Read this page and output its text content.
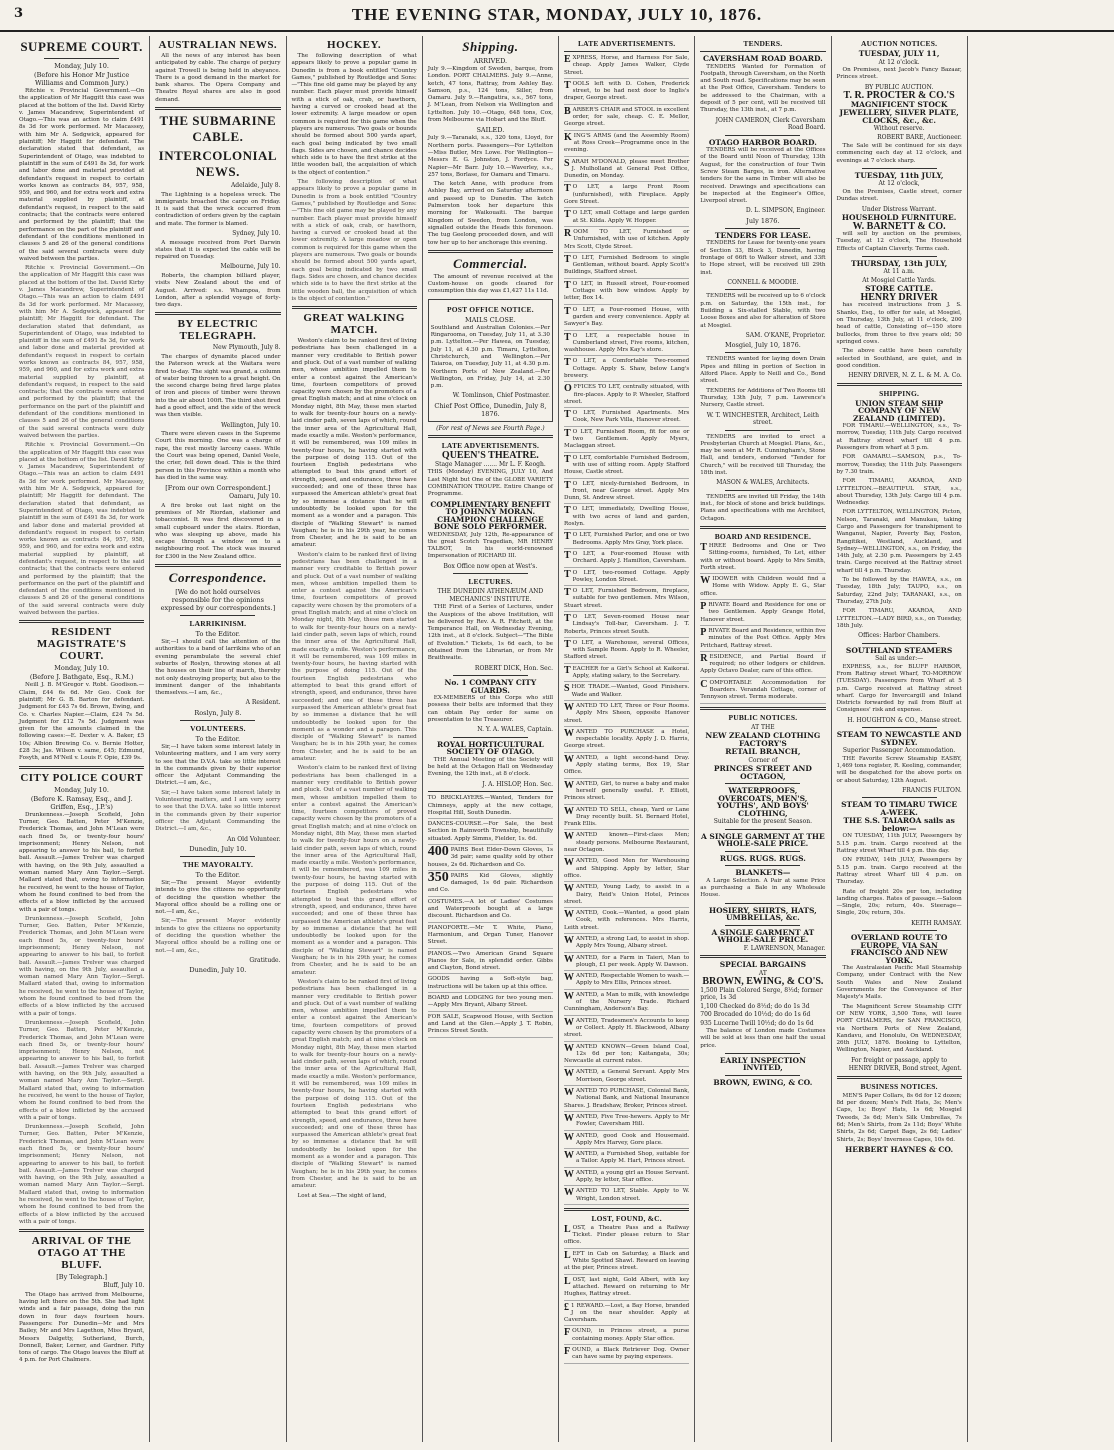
3	THE EVENING STAR, MONDAY, JULY 10, 1876.
SUPREME COURT.
Monday, July 10.
(Before his Honor Mr Justice Williams and Common Jury.)

Ritchie v. Provincial Government.—On the application of Mr Haggitt this case was placed at the bottom of the list. David Kirby v. James Macandrew, Superintendent of Otago.—This was an action to claim £491 8s 3d for work performed. Mr Macassey, with him Mr A. Sedgwick, appeared for plaintiff; Mr Haggitt for defendant. The declaration stated that defendant, as Superintendent of Otago, was indebted to plaintiff in the sum of £491 8s 3d, for work and labor done and material provided at defendant's request in respect to certain works known as contracts 84, 957, 958, 959, and 960, and for extra work and extra material supplied by plaintiff, at defendant's request, in respect to the said contracts; that the contracts were entered and performed by the plaintiff; that the performance on the part of the plaintiff and defendant of the conditions mentioned in clauses 5 and 26 of the general conditions of the said several contracts were duly waived between the parties.

Ritchie v. Provincial Government.—On the application of Mr Haggitt this case was placed at the bottom of the list. David Kirby v. James Macandrew, Superintendent of Otago.—This was an action to claim £491 8s 3d for work performed. Mr Macassey, with him Mr A. Sedgwick, appeared for plaintiff; Mr Haggitt for defendant. The declaration stated that defendant, as Superintendent of Otago, was indebted to plaintiff in the sum of £491 8s 3d, for work and labor done and material provided at defendant's request in respect to certain works known as contracts 84, 957, 958, 959, and 960, and for extra work and extra material supplied by plaintiff, at defendant's request, in respect to the said contracts; that the contracts were entered and performed by the plaintiff; that the performance on the part of the plaintiff and defendant of the conditions mentioned in clauses 5 and 26 of the general conditions of the said several contracts were duly waived between the parties.

Ritchie v. Provincial Government.—On the application of Mr Haggitt this case was placed at the bottom of the list. David Kirby v. James Macandrew, Superintendent of Otago.—This was an action to claim £491 8s 3d for work performed. Mr Macassey, with him Mr A. Sedgwick, appeared for plaintiff; Mr Haggitt for defendant. The declaration stated that defendant, as Superintendent of Otago, was indebted to plaintiff in the sum of £491 8s 3d, for work and labor done and material provided at defendant's request in respect to certain works known as contracts 84, 957, 958, 959, and 960, and for extra work and extra material supplied by plaintiff, at defendant's request, in respect to the said contracts; that the contracts were entered and performed by the plaintiff; that the performance on the part of the plaintiff and defendant of the conditions mentioned in clauses 5 and 26 of the general conditions of the said several contracts were duly waived between the parties.

RESIDENT MAGISTRATE'S COURT.
Monday, July 10.
(Before J. Bathgate, Esq., R.M.)

Neill J. B. M'Gregor v. Robt. Goodison.—Claim, £44 6s 6d. Mr Geo. Cook for plaintiff; Mr G. B. Barton for defendant. Judgment for £43 7s 6d. Brown, Ewing, and Co. v. Charles Napier.—Claim, £24 7s 5d. Judgment for £12 7s 5d. Judgment was given for the amounts claimed in the following cases:—E. Dexter v. A. Baker, £5 10s; Albion Brewing Co. v. Bernie Hotter, £28 3s; Jas. Wilson v. same, £45; Edmund, Fosyth, and M'Neil v. Louis F. Opie, £39 9s.

CITY POLICE COURT
Monday, July 10.
(Before K. Ramsay, Esq., and J. Griffen, Esq., J.P.'s)

Drunkenness.—Joseph Scofield, John Turner, Geo. Batten, Peter M'Kenzie, Frederick Thomas, and John M'Lean were each fined 5s, or twenty-four hours' imprisonment; Henry Nelson, not appearing to answer to his bail, to forfeit bail. Assault.—James Trelver was charged with having, on the 9th July, assaulted a woman named Mary Ann Taylor.—Sergt. Mallard stated that, owing to information he received, he went to the house of Taylor, whom he found confined to bed from the effects of a blow inflicted by the accused with a pair of tongs.

Drunkenness.—Joseph Scofield, John Turner, Geo. Batten, Peter M'Kenzie, Frederick Thomas, and John M'Lean were each fined 5s, or twenty-four hours' imprisonment; Henry Nelson, not appearing to answer to his bail, to forfeit bail. Assault.—James Trelver was charged with having, on the 9th July, assaulted a woman named Mary Ann Taylor.—Sergt. Mallard stated that, owing to information he received, he went to the house of Taylor, whom he found confined to bed from the effects of a blow inflicted by the accused with a pair of tongs.

Drunkenness.—Joseph Scofield, John Turner, Geo. Batten, Peter M'Kenzie, Frederick Thomas, and John M'Lean were each fined 5s, or twenty-four hours' imprisonment; Henry Nelson, not appearing to answer to his bail, to forfeit bail. Assault.—James Trelver was charged with having, on the 9th July, assaulted a woman named Mary Ann Taylor.—Sergt. Mallard stated that, owing to information he received, he went to the house of Taylor, whom he found confined to bed from the effects of a blow inflicted by the accused with a pair of tongs.

Drunkenness.—Joseph Scofield, John Turner, Geo. Batten, Peter M'Kenzie, Frederick Thomas, and John M'Lean were each fined 5s, or twenty-four hours' imprisonment; Henry Nelson, not appearing to answer to his bail, to forfeit bail. Assault.—James Trelver was charged with having, on the 9th July, assaulted a woman named Mary Ann Taylor.—Sergt. Mallard stated that, owing to information he received, he went to the house of Taylor, whom he found confined to bed from the effects of a blow inflicted by the accused with a pair of tongs.

ARRIVAL OF THE OTAGO AT THE BLUFF.
[By Telegraph.]
Bluff, July 10.

The Otago has arrived from Melbourne, having left there on the 5th. She had light winds and a fair passage, doing the run down in four days fourteen hours. Passengers: For Dunedin—Mr and Mrs Bailey, Mr and Mrs Lagethon, Miss Bryant, Messrs Dalgetty, Sutherland, Burch, Donnell, Baker, Lerner, and Gardner. Fifty tons of cargo. The Otago leaves the Bluff at 4 p.m. for Port Chalmers.

AUSTRALIAN NEWS.

All the news of any interest has been anticipated by cable. The charge of perjury against Trowell is being held in abeyance. There is a good demand in the market for bank shares. The Opera Company and Theatre Royal shares are also in good demand.

THE SUBMARINE CABLE.
INTERCOLONIAL NEWS.
Adelaide, July 8.

The Lightning is a hopeless wreck. The immigrants broached the cargo on Friday. It is said that the wreck occurred from contradiction of orders given by the captain and mate. The former is blamed.

Sydney, July 10.

A message received from Port Darwin states that it is expected the cable will be repaired on Tuesday.

Melbourne, July 10.

Roberts, the champion billiard player, visits New Zealand about the end of August. Arrived: s.s. Whampoa, from London, after a splendid voyage of forty-two days.

BY ELECTRIC TELEGRAPH.
New Plymouth, July 8.

The charges of dynamite placed under the Paterson wreck at the Waitara were fired to-day. The sight was grand, a column of water being thrown to a great height. On the second charge being fired large plates of iron and pieces of timber were thrown into the air about 100ft. The third shot fired had a good effect, and the side of the wreck was then visible.

Wellington, July 10.

There were eleven cases in the Supreme Court this morning. One was a charge of rape, the rest mostly larceny cases. While the Court was being opened, Daniel Veele, the crier, fell down dead. This is the third person in this Province within a month who has died in the same way.

[From our own Correspondent.]
Oamaru, July 10.

A fire broke out last night on the premises of Mr Riordan, stationer and tobacconist. It was first discovered in a small cupboard under the stairs. Riordan, who was sleeping up above, made his escape through a window on to a neighbouring roof. The stock was insured for £300 in the New Zealand office.

Correspondence.
[We do not hold ourselves responsible for the opinions expressed by our correspondents.]
LARRIKINISM.
To the Editor.

Sir,—I should call the attention of the authorities to a band of larrikins who of an evening perambulate the several chief suburbs of Roslyn, throwing stones at all the houses on their line of march, thereby not only destroying property, but also to the imminent danger of the inhabitants themselves.—I am, &c.,

A Resident.
Roslyn, July 8.
VOLUNTEERS.
To the Editor.

Sir,—I have taken some interest lately in Volunteering matters, and I am very sorry to see that the D.V.A. take so little interest in the commands given by their superior officer the Adjutant Commanding the District.—I am, &c.,

Sir,—I have taken some interest lately in Volunteering matters, and I am very sorry to see that the D.V.A. take so little interest in the commands given by their superior officer the Adjutant Commanding the District.—I am, &c.,

An Old Volunteer.
Dunedin, July 10.
THE MAYORALTY.
To the Editor.

Sir,—The present Mayor evidently intends to give the citizens no opportunity of deciding the question whether the Mayoral office should be a rolling one or not.—I am, &c.,

Sir,—The present Mayor evidently intends to give the citizens no opportunity of deciding the question whether the Mayoral office should be a rolling one or not.—I am, &c.,

Gratitude.
Dunedin, July 10.
HOCKEY.

The following description of what appears likely to prove a popular game in Dunedin is from a book entitled "Country Games," published by Routledge and Sons:—"This fine old game may be played by any number. Each player must provide himself with a stick of oak, crab, or hawthorn, having a curved or crooked head at the lower extremity. A large meadow or open common is required for this game when the players are numerous. Two goals or bounds should be formed about 500 yards apart, each goal being indicated by two small flags. Sides are chosen, and chance decides which side is to have the first strike at the little wooden ball, the acquisition of which is the object of contention."

The following description of what appears likely to prove a popular game in Dunedin is from a book entitled "Country Games," published by Routledge and Sons:—"This fine old game may be played by any number. Each player must provide himself with a stick of oak, crab, or hawthorn, having a curved or crooked head at the lower extremity. A large meadow or open common is required for this game when the players are numerous. Two goals or bounds should be formed about 500 yards apart, each goal being indicated by two small flags. Sides are chosen, and chance decides which side is to have the first strike at the little wooden ball, the acquisition of which is the object of contention."

GREAT WALKING MATCH.

Weston's claim to be ranked first of living pedestrians has been challenged in a manner very creditable to British power and pluck. Out of a vast number of walking men, whose ambition impelled them to enter a contest against the American's time, fourteen competitors of proved capacity were chosen by the promoters of a great English match; and at nine o'clock on Monday night, 8th May, these men started to walk for twenty-four hours on a newly-laid cinder path, seven laps of which, round the inner area of the Agricultural Hall, made exactly a mile. Weston's performance, it will be remembered, was 109 miles in twenty-four hours, he having started with the purpose of doing 115. Out of the fourteen English pedestrians who attempted to beat this grand effort of strength, speed, and endurance, three have succeeded; and one of these three has surpassed the American athlete's great feat by so immense a distance that he will undoubtedly be looked upon for the moment as a wonder and a paragon. This disciple of "Walking Stewart" is named Vaughan; he is in his 29th year, he comes from Chester, and he is said to be an amateur.

Weston's claim to be ranked first of living pedestrians has been challenged in a manner very creditable to British power and pluck. Out of a vast number of walking men, whose ambition impelled them to enter a contest against the American's time, fourteen competitors of proved capacity were chosen by the promoters of a great English match; and at nine o'clock on Monday night, 8th May, these men started to walk for twenty-four hours on a newly-laid cinder path, seven laps of which, round the inner area of the Agricultural Hall, made exactly a mile. Weston's performance, it will be remembered, was 109 miles in twenty-four hours, he having started with the purpose of doing 115. Out of the fourteen English pedestrians who attempted to beat this grand effort of strength, speed, and endurance, three have succeeded; and one of these three has surpassed the American athlete's great feat by so immense a distance that he will undoubtedly be looked upon for the moment as a wonder and a paragon. This disciple of "Walking Stewart" is named Vaughan; he is in his 29th year, he comes from Chester, and he is said to be an amateur.

Weston's claim to be ranked first of living pedestrians has been challenged in a manner very creditable to British power and pluck. Out of a vast number of walking men, whose ambition impelled them to enter a contest against the American's time, fourteen competitors of proved capacity were chosen by the promoters of a great English match; and at nine o'clock on Monday night, 8th May, these men started to walk for twenty-four hours on a newly-laid cinder path, seven laps of which, round the inner area of the Agricultural Hall, made exactly a mile. Weston's performance, it will be remembered, was 109 miles in twenty-four hours, he having started with the purpose of doing 115. Out of the fourteen English pedestrians who attempted to beat this grand effort of strength, speed, and endurance, three have succeeded; and one of these three has surpassed the American athlete's great feat by so immense a distance that he will undoubtedly be looked upon for the moment as a wonder and a paragon. This disciple of "Walking Stewart" is named Vaughan; he is in his 29th year, he comes from Chester, and he is said to be an amateur.

Weston's claim to be ranked first of living pedestrians has been challenged in a manner very creditable to British power and pluck. Out of a vast number of walking men, whose ambition impelled them to enter a contest against the American's time, fourteen competitors of proved capacity were chosen by the promoters of a great English match; and at nine o'clock on Monday night, 8th May, these men started to walk for twenty-four hours on a newly-laid cinder path, seven laps of which, round the inner area of the Agricultural Hall, made exactly a mile. Weston's performance, it will be remembered, was 109 miles in twenty-four hours, he having started with the purpose of doing 115. Out of the fourteen English pedestrians who attempted to beat this grand effort of strength, speed, and endurance, three have succeeded; and one of these three has surpassed the American athlete's great feat by so immense a distance that he will undoubtedly be looked upon for the moment as a wonder and a paragon. This disciple of "Walking Stewart" is named Vaughan; he is in his 29th year, he comes from Chester, and he is said to be an amateur.

Lost at Sea.—The sight of land,

Shipping.
ARRIVED.

July 9.—Kingdom of Sweden, barque, from London. PORT CHALMERS. July 9.—Anne, ketch, 47 tons, Rattray, from Ashley Bay. Samson, p.s., 124 tons, Siller, from Oamaru. July 9.—Rangatira, s.s., 567 tons, J. M'Lean, from Nelson via Wellington and Lyttelton. July 10.—Otago, 648 tons, Cox, from Melbourne via Hobart and the Bluff.

SAILED.

July 9.—Taranaki, s.s., 320 tons, Lloyd, for Northern ports. Passengers—For Lyttelton—Miss Butler, Mrs Lowe. For Wellington—Messrs E. G. Johnston, J. Fordyce. For Napier—Mr Barr. July 10.—Waverley, s.s., 257 tons, Borlase, for Oamaru and Timaru.

The ketch Anne, with produce from Ashley Bay, arrived on Saturday afternoon and passed up to Dunedin. The ketch Palmerston took her departure this morning for Waikouaiti. The barque Kingdom of Sweden, from London, was signalled outside the Heads this forenoon. The tug Geelong proceeded down, and will tow her up to her anchorage this evening.

Commercial.

The amount of revenue received at the Custom-house on goods cleared for consumption this day was £1,427 11s 11d.

POST OFFICE NOTICE.
MAILS CLOSE.

Southland and Australian Colonies.—Per Ringarooma, on Tuesday, July 11, at 3.30 p.m. Lyttelton.—Per Hawea, on Tuesday, July 11, at 4.30 p.m. Timaru, Lyttelton, Christchurch, and Wellington.—Per Taiaroa, on Tuesday, July 11, at 4.30 p.m. Northern Ports of New Zealand.—Per Wellington, on Friday, July 14, at 2.30 p.m.

W. Tomlinson, Chief Postmaster.
Chief Post Office, Dunedin, July 8, 1876.
(For rest of News see Fourth Page.)
LATE ADVERTISEMENTS.
QUEEN'S THEATRE.
Stage Manager ....... Mr L. F. Keogh.

THIS (Monday) EVENING, JULY 10, And Last Night but One of the GLOBE VARIETY COMBINATION TROUPE. Entire Change of Programme.

COMPLIMENTARY BENEFIT TO JOHNNY MORAN. CHAMPION CHALLENGE BONE SOLO PERFORMER.

WEDNESDAY, July 12th, Re-appearance of the great Scotch Tragedian, MR HENRY TALBOT, In his world-renowned Impersonation of RICHARD III.

Box Office now open at West's.
LECTURES.
THE DUNEDIN ATHENÆUM AND MECHANICS' INSTITUTE.

THE First of a Series of Lectures, under the Auspices of the above Institution, will be delivered by Rev. A. R. Fitchett, at the Temperance Hall, on Wednesday Evening, 12th inst., at 8 o'clock. Subject—"The Bible of Evolution." Tickets, 1s 6d each, to be obtained from the Librarian, or from Mr Braithwaite.

ROBERT DICK, Hon. Sec.
No. 1 COMPANY CITY GUARDS.

EX-MEMBERS of this Corps who still possess their belts are informed that they can obtain Pay order for same on presentation to the Treasurer.

N. Y. A. WALES, Captain.
ROYAL HORTICULTURAL SOCIETY OF OTAGO.

THE Annual Meeting of the Society will be held at the Octagon Hall on Wednesday Evening, the 12th inst., at 8 o'clock.

J. A. HISLOP, Hon. Sec.

TO BRICKLAYERS.—Wanted, Tenders for Chimneys, apply at the new cottage, Hospital Hill, South Dunedin.

DANCES-COURSE.—For Sale, the best Section in Rainworth Township, beautifully situated. Apply Simms, Fielder, 1s. 6d.

400 PAIRS Best Elder-Down Gloves, 1s 3d pair; same quality sold by other houses, 2s 6d. Richardson and Co.
350 PAIRS Kid Gloves, slightly damaged, 1s 6d pair. Richardson and Co.

COSTUMES.—A lot of Ladies' Costumes and Waterproofs bought at a large discount. Richardson and Co.

PIANOFORTE.—Mr T. White, Piano, Harmonium, and Organ Tuner, Hanover Street.

PIANOS.—Two American Grand Square Pianos for Sale, in splendid order. Gibbs and Clayton, Bond street.

GOODS having a Soft-style bag, instructions will be taken up at this office.

BOARD and LODGING for two young men.—Apply Mrs Bryant, Albany Street.

FOR SALE, Scapwood House, with Section and Land at the Glen.—Apply J. T. Robin, Princes Street South.

LATE ADVERTISEMENTS.

EXPRESS, Horse, and Harness For Sale, cheap. Apply James Walker, Clyde Street.

TOOLS left with D. Cohen, Frederick street, to be had next door to Inglis's draper, George street.

BARBER'S CHAIR and STOOL in excellent order, for sale, cheap. C. E. Mellor, George street.

KING'S ARMS (and the Assembly Room) at Ross Creek—Programme once in the evening.

SARAH M'DONALD, please meet Brother J. Mulholland at General Post Office, Dunedin, on Monday.

T O LET, a large Front Room (unfurnished), with Fireplace. Apply Gore Street.

T O LET, small Cottage and large garden at St. Kilda. Apply W. Hopper.

ROOM TO LET, Furnished or Unfurnished, with use of kitchen. Apply Mrs Scott, Clyde Street.

T O LET, Furnished Bedroom to single Gentleman, without board. Apply Scott's Buildings, Stafford street.

T O LET, in Russell street, Four-roomed Cottage with bow window. Apply by letter, Box 14.

T O LET, a Four-roomed House, with garden and every convenience. Apply at Sawyer's Bay.

T O LET, a respectable house in Cumberland street, Five rooms, kitchen, washhouse. Apply Mrs Kay's store.

T O LET, a Comfortable Two-roomed Cottage. Apply S. Shaw, below Lang's brewery.

OFFICES TO LET, centrally situated, with fire-places. Apply to P. Wheeler, Stafford street.

T O LET, Furnished Apartments. Mrs Cook, New Park Villa, Hanover street.

T O LET, Furnished Room, fit for one or two Gentlemen. Apply Myers, Maclaggan street.

T O LET, comfortable Furnished Bedroom, with use of sitting room. Apply Stafford House, Castle street.

T O LET, nicely-furnished Bedroom, in front, near George street. Apply Mrs Dunn, St. Andrew street.

T O LET, immediately, Dwelling House, with two acres of land and garden, Roslyn.

T O LET, Furnished Parlor, and one or two Bedrooms. Apply Mrs Gray, York place.

T O LET, a Four-roomed House with Orchard. Apply J. Hamilton, Caversham.

T O LET, two-roomed Cottage. Apply Powley, London Street.

T O LET, Furnished Bedroom, fireplace, suitable for two gentlemen. Mrs Wilson, Stuart street.

T O LET, Seven-roomed House near Lindsay's Toll-bar, Caversham. J. T. Roberts, Princes street South.

T O LET, a Warehouse, several Offices, with Sample Room. Apply to R. Wheeler, Stafford street.

TEACHER for a Girl's School at Kaikorai. Apply, stating salary, to the Secretary.

SHOE TRADE.—Wanted, Good Finishers. Wade and Walker.

WANTED TO LET, Three or Four Rooms. Apply Mrs Sheen, opposite Hanover street.

WANTED TO PURCHASE a Hotel, respectable locality. Apply J. D. Harris, George street.

WANTED, a light second-hand Dray. Apply stating terms, Box 19, Star Office.

WANTED, Girl, to nurse a baby and make herself generally useful. F. Elliott, Princes street.

WANTED TO SELL, cheap, Yard or Lane Dray recently built. St. Bernard Hotel, Frank Ellis.

WANTED known—First-class Men; steady persons. Melbourne Restaurant, near Octagon.

WANTED, Good Men for Warehousing and Shipping. Apply by letter, Star office.

WANTED, Young Lady, to assist in a Dairy, Reid's Union Hotel, Princes street.

WANTED, Cook.—Wanted, a good plain Cook, with references. Mrs Harris, Leith street.

WANTED, a strong Lad, to assist in shop. Apply Mrs Young, Albany street.

WANTED, for a Farm in Taieri, Man to plough, £1 per week. Apply W. Dawson.

WANTED, Respectable Women to wash.—Apply to Mrs Ellis, Princes street.

WANTED, a Man to milk, with knowledge of the Nursery Trade. Richard Cunningham, Anderson's Bay.

WANTED, Tradesmen's Accounts to keep or Collect. Apply H. Blackwood, Albany street.

WANTED KNOWN—Green Island Coal, 12s 6d per ton; Kaitangata, 30s; Newcastle at current rates.

WANTED, a General Servant. Apply Mrs Morrison, George street.

WANTED TO PURCHASE, Colonial Bank, National Bank, and National Insurance Shares. J. Bradshaw, Broker, Princes street.

WANTED, Five Tree-hewers. Apply to Mr Fowler, Caversham Hill.

WANTED, good Cook and Housemaid. Apply Mrs Harvey, Gore place.

WANTED, a Furnished Shop, suitable for a Tailor. Apply M. Hart, Princes street.

WANTED, a young girl as House Servant. Apply, by letter, Star office.

WANTED TO LET, Stable. Apply to W. Wright, London street.

LOST, FOUND, &C.

LOST, a Theatre Pass and a Railway Ticket. Finder please return to Star office.

LEFT in Cab on Saturday, a Black and White Spotted Shawl. Reward on leaving at the pier, Princes street.

LOST, last night, Gold Albert, with key attached. Reward on returning to Mr Hughes, Rattray street.

£ 1 REWARD.—Lost, a Bay Horse, branded J on the near shoulder. Apply at Caversham.

FOUND, in Princes street, a purse containing money. Apply Star office.

FOUND, a Black Retriever Dog. Owner can have same by paying expenses.

TENDERS.
CAVERSHAM ROAD BOARD.

TENDERS Wanted for Formation of Footpath, through Caversham, on the North and South road. Specifications may be seen at the Post Office, Caversham. Tenders to be addressed to the Chairman, with a deposit of 5 per cent, will be received till Thursday, the 13th inst., at 7 p.m.

JOHN CAMERON, Clerk Caversham Road Board.
OTAGO HARBOR BOARD.

TENDERS will be received at the Offices of the Board until Noon of Thursday, 13th August, for the construction of four Twin Screw Steam Barges, in iron. Alternative tenders for the same in Timber will also be received. Drawings and specifications can be inspected at the Engineer's Office, Liverpool street.

D. L. SIMPSON, Engineer.
July 1876.
TENDERS FOR LEASE.

TENDERS for Lease for twenty-one years of Section 33, Block 3, Dunedin, having frontage of 66ft to Walker street, and 33ft to Hope street, will be received till 29th inst.

CONNELL & MOODIE.

TENDERS will be received up to 6 o'clock p.m. on Saturday, the 15th inst., for Building a Six-stalled Stable, with two Loose Boxes and also for alteration of Store at Mosgiel.

SAM. O'KANE, Proprietor.
Mosgiel, July 10, 1876.

TENDERS wanted for laying down Drain Pipes and filling in portion of Section in Alford Place. Apply to Neill and Co., Bond street.

TENDERS for Additions of Two Rooms till Thursday, 13th July, 7 p.m. Lawrence's Nursery, Castle street.

W. T. WINCHESTER, Architect, Leith street.

TENDERS are invited to erect a Presbyterian Church at Mosgiel. Plans, &c., may be seen at Mr R. Cunningham's, Stone Hall, and tenders, endorsed "Tender for Church," will be received till Thursday, the 18th inst.

MASON & WALES, Architects.

TENDERS are invited till Friday, the 14th inst., for block of stone and brick buildings. Plans and specifications with me Architect, Octagon.

BOARD AND RESIDENCE.

THREE Bedrooms and One or Two Sitting-rooms, furnished, To Let, either with or without board. Apply to Mrs Smith, Forth street.

WIDOWER with Children would find a Home with Widow. Apply E. G., Star office.

PRIVATE Board and Residence for one or two Gentlemen. Apply Grange Hotel, Hanover street.

PRIVATE Board and Residence, within five minutes of the Post Office. Apply Mrs Pritchard, Rattray street.

RESIDENCE, and Partial Board if required; no other lodgers or children. Apply Octavo Dealer, care of this office.

COMFORTABLE Accommodation for Boarders. Verandah Cottage, corner of Tennyson street. Terms moderate.

PUBLIC NOTICES.
AT THE
NEW ZEALAND CLOTHING FACTORY'S
RETAIL BRANCH,
Corner of
PRINCES STREET AND OCTAGON,
WATERPROOFS, OVERCOATS, MEN'S, YOUTHS', AND BOYS' CLOTHING,
Suitable for the present Season.
A SINGLE GARMENT AT THE WHOLE-SALE PRICE.
RUGS. RUGS. RUGS.
BLANKETS—

A Large Selection. A Pair at same Price as purchasing a Bale in any Wholesale House.

HOSIERY, SHIRTS, HATS, UMBRELLAS, &c.
A SINGLE GARMENT AT WHOLE-SALE PRICE.
F. LAWRENSON, Manager.
SPECIAL BARGAINS
AT
BROWN, EWING, & CO'S.
1,500 Plain Colored Serge, 8½d; former price, 1s 3d
1,100 Checked do 8½d; do do 1s 3d
700 Brocaded do 10½d; do do 1s 6d
935 Lucerne Twill 10½d; do do 1s 6d

The balance of London made Costumes will be sold at less than one half the usual price.

EARLY INSPECTION INVITED,
BROWN, EWING, & CO.
AUCTION NOTICES.
TUESDAY, JULY 11,
At 12 o'clock.

On Premises, next Jacob's Fancy Bazaar, Princes street.

BY PUBLIC AUCTION.
T. R. PROCTER & CO.'S
MAGNIFICENT STOCK
JEWELLERY, SILVER PLATE, CLOCKS, &c., &c.
Without reserve.
ROBERT BARE, Auctioneer.

The Sale will be continued for six days commencing each day at 12 o'clock, and evenings at 7 o'clock sharp.

TUESDAY, 11th JULY,
At 12 o'clock,

On the Premises, Castle street, corner Dundas street.

Under Distress Warrant.
HOUSEHOLD FURNITURE.
W. BARNETT & CO.

will sell by auction on the premises, Tuesday, at 12 o'clock, The Household Effects of Captain Claverly. Terms cash.

THURSDAY, 13th JULY,
At 11 a.m.
At Mosgiel Cattle Yards.
STORE CATTLE.
HENRY DRIVER

has received instructions from J. S. Shanks, Esq., to offer for sale, at Mosgiel, on Thursday, 13th July, at 11 o'clock, 200 head of cattle, Consisting of—150 store bullocks, from three to five years old; 50 springed cows.

The above cattle have been carefully selected in Southland, are quiet, and in good condition.

HENRY DRIVER, N. Z. L. & M. A. Co.
SHIPPING.
UNION STEAM SHIP COMPANY OF NEW ZEALAND (LIMITED).

FOR TIMARU.—WELLINGTON, s.s., To-morrow, Tuesday, 11th July. Cargo received at Rattray street wharf till 4 p.m. Passengers from wharf at 5 p.m.

FOR OAMARU.—SAMSON, p.s., To-morrow, Tuesday, the 11th July. Passengers by 7.30 train.

FOR TIMARU, AKAROA, AND LYTTELTON.—BEAUTIFUL STAR, s.s., about Thursday, 13th July. Cargo till 4 p.m. Wednesday.

FOR LYTTELTON, WELLINGTON, Picton, Nelson, Taranaki, and Manukau, taking Cargo and Passengers for transhipment to Wanganui, Napier, Poverty Bay, Foxton, Rangitikei, Westland, Auckland, and Sydney—WELLINGTON, s.s., on Friday, the 14th July, at 2.30 p.m. Passengers by 2.45 train. Cargo received at the Rattray street wharf till 4 p.m. Thursday.

To be followed by the HAWEA, s.s., on Tuesday, 18th July; TAUPO, s.s., on Saturday, 22nd July; TARANAKI, s.s., on Thursday, 27th July.

FOR TIMARU, AKAROA, AND LYTTELTON.—LADY BIRD, s.s., on Tuesday, 18th July.

Offices: Harbor Chambers.
SOUTHLAND STEAMERS
Sail as under:—

EXPRESS, s.s., for BLUFF HARBOR, From Rattray street Wharf, TO-MORROW (TUESDAY). Passengers from Wharf at 5 p.m. Cargo received at Rattray street wharf. Cargo for Invercargill and Inland Districts forwarded by rail from Bluff at Consignees' risk and expense.

H. HOUGHTON & CO., Manse street.
STEAM TO NEWCASTLE AND SYDNEY.
Superior Passenger Accommodation.

THE Favorite Screw Steamship EASBY, 1,469 tons register, R. Keeling, commander, will be despatched for the above ports on or about Saturday, 12th August.

FRANCIS FULTON.
STEAM TO TIMARU TWICE A-WEEK.
THE S.S. TAIAROA sails as below:—

ON TUESDAY, 11th JULY, Passengers by 5.15 p.m. train. Cargo received at the Rattray street Wharf till 4 p.m. this day.

ON FRIDAY, 14th JULY, Passengers by 5.15 p.m. train. Cargo received at the Rattray street Wharf till 4 p.m. on Thursday.

Rate of freight 20s per ton, including landing charges. Rates of passage.—Saloon—Single, 20s; return, 40s. Steerage—Single, 20s; return, 30s.

KEITH RAMSAY.
OVERLAND ROUTE TO EUROPE, VIA SAN FRANCISCO AND NEW YORK.

The Australasian Pacific Mail Steamship Company, under Contract with the New South Wales and New Zealand Governments for the Conveyance of Her Majesty's Mails.

The Magnificent Screw Steamship CITY OF NEW YORK, 3,500 Tons, will leave PORT CHALMERS, for SAN FRANCISCO, via Northern Ports of New Zealand, Kandavu, and Honolulu, On WEDNESDAY, 26th JULY, 1876. Booking to Lyttelton, Wellington, Napier, and Auckland.

For freight or passage, apply to
HENRY DRIVER, Bond street, Agent.
BUSINESS NOTICES.

MEN'S Paper Collars, 8s 6d for 12 dozen; 8d per dozen; Men's Felt Hats, 3s; Men's Caps, 1s; Boys' Hats, 1s 6d; Mosgiel Tweeds, 3s 6d; Men's Silk Umbrellas, 7s 6d; Men's Shirts, from 2s 11d; Boys' White Shirts, 2s 6d; Carpet Bags, 2s 6d; Ladies' Shirts, 2s; Boys' Inverness Capes, 10s 6d.

HERBERT HAYNES & CO.
